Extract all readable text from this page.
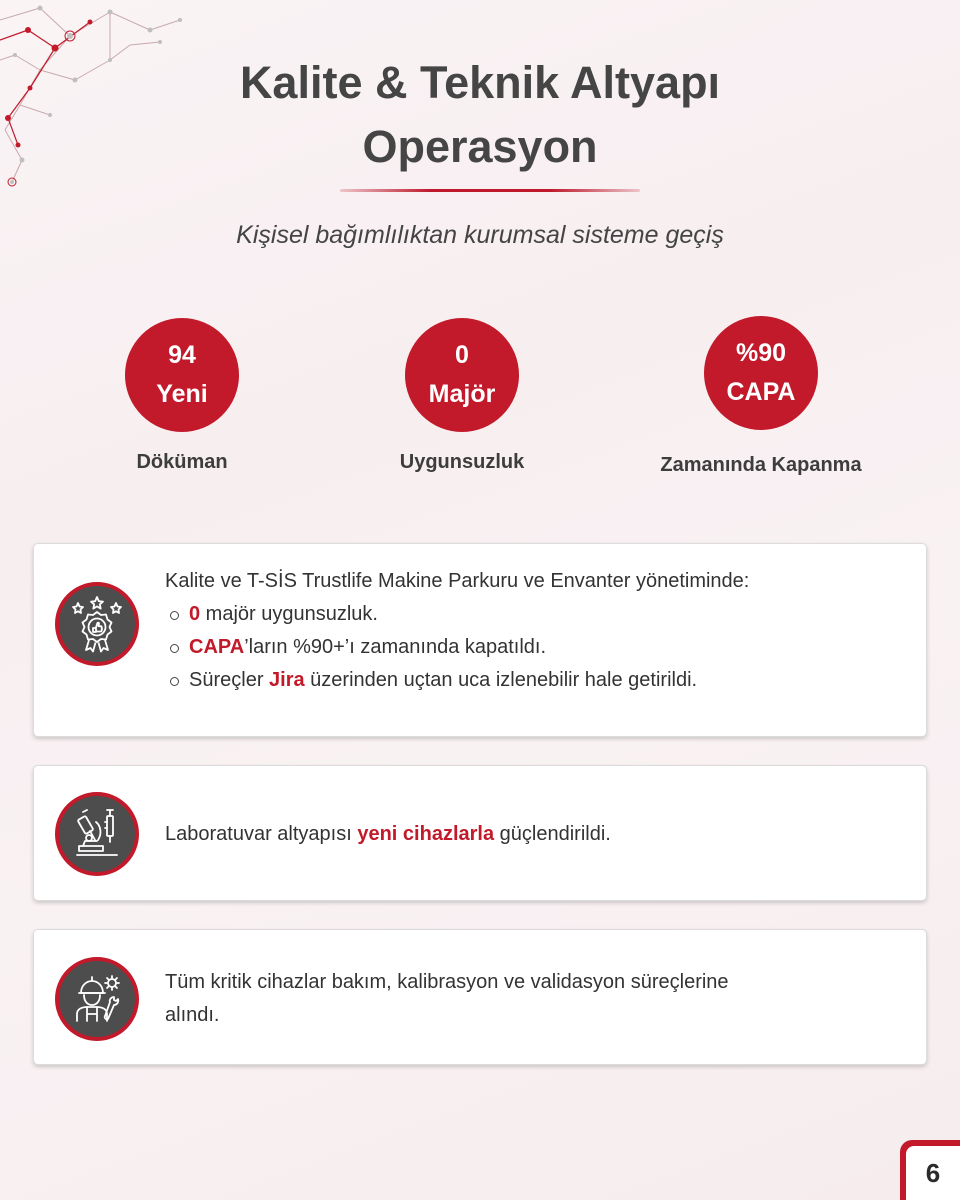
Kalite & Teknik Altyapı
Operasyon
Kişisel bağımlılıktan kurumsal sisteme geçiş
94
Yeni
Döküman
0
Majör
Uygunsuzluk
%90
CAPA
Zamanında Kapanma
Kalite ve T-SİS Trustlife Makine Parkuru ve Envanter yönetiminde:
0 majör uygunsuzluk.
CAPA’ların %90+’ı zamanında kapatıldı.
Süreçler Jira üzerinden uçtan uca izlenebilir hale getirildi.
Laboratuvar altyapısı yeni cihazlarla güçlendirildi.
Tüm kritik cihazlar bakım, kalibrasyon ve validasyon süreçlerine
alındı.
6
